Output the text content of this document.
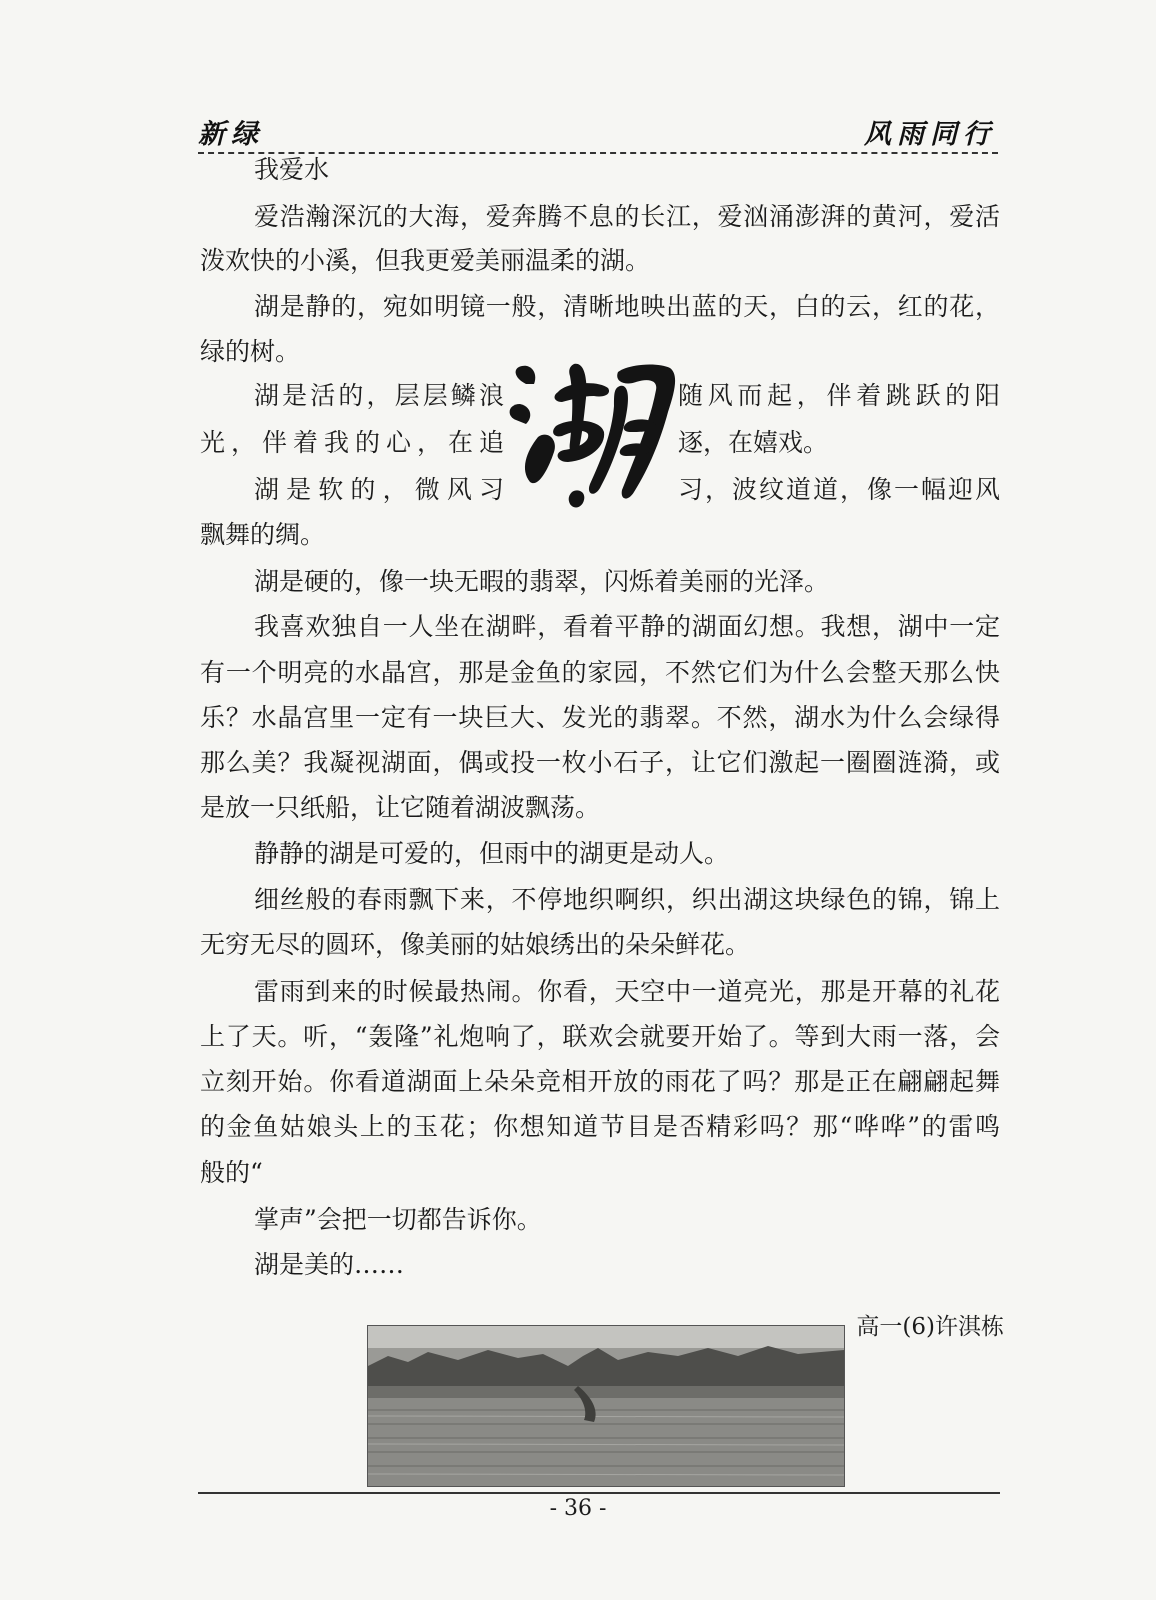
新绿	风雨同行
我爱水
爱浩瀚深沉的大海，爱奔腾不息的长江，爱汹涌澎湃的黄河，爱活
泼欢快的小溪，但我更爱美丽温柔的湖。
湖是静的，宛如明镜一般，清晰地映出蓝的天，白的云，红的花，
绿的树。
湖是活的，层层鳞浪	随风而起，伴着跳跃的阳
光，伴着我的心，在追	逐，在嬉戏。
湖是软的，微风习	习，波纹道道，像一幅迎风
飘舞的绸。
湖是硬的，像一块无暇的翡翠，闪烁着美丽的光泽。
我喜欢独自一人坐在湖畔，看着平静的湖面幻想。我想，湖中一定
有一个明亮的水晶宫，那是金鱼的家园，不然它们为什么会整天那么快
乐？水晶宫里一定有一块巨大、发光的翡翠。不然，湖水为什么会绿得
那么美？我凝视湖面，偶或投一枚小石子，让它们激起一圈圈涟漪，或
是放一只纸船，让它随着湖波飘荡。
静静的湖是可爱的，但雨中的湖更是动人。
细丝般的春雨飘下来，不停地织啊织，织出湖这块绿色的锦，锦上
无穷无尽的圆环，像美丽的姑娘绣出的朵朵鲜花。
雷雨到来的时候最热闹。你看，天空中一道亮光，那是开幕的礼花
上了天。听，“轰隆”礼炮响了，联欢会就要开始了。等到大雨一落，会
立刻开始。你看道湖面上朵朵竞相开放的雨花了吗？那是正在翩翩起舞
的金鱼姑娘头上的玉花；你想知道节目是否精彩吗？那“哗哗”的雷鸣
般的“
掌声”会把一切都告诉你。
湖是美的……
高一(6)许淇栋
- 36 -
